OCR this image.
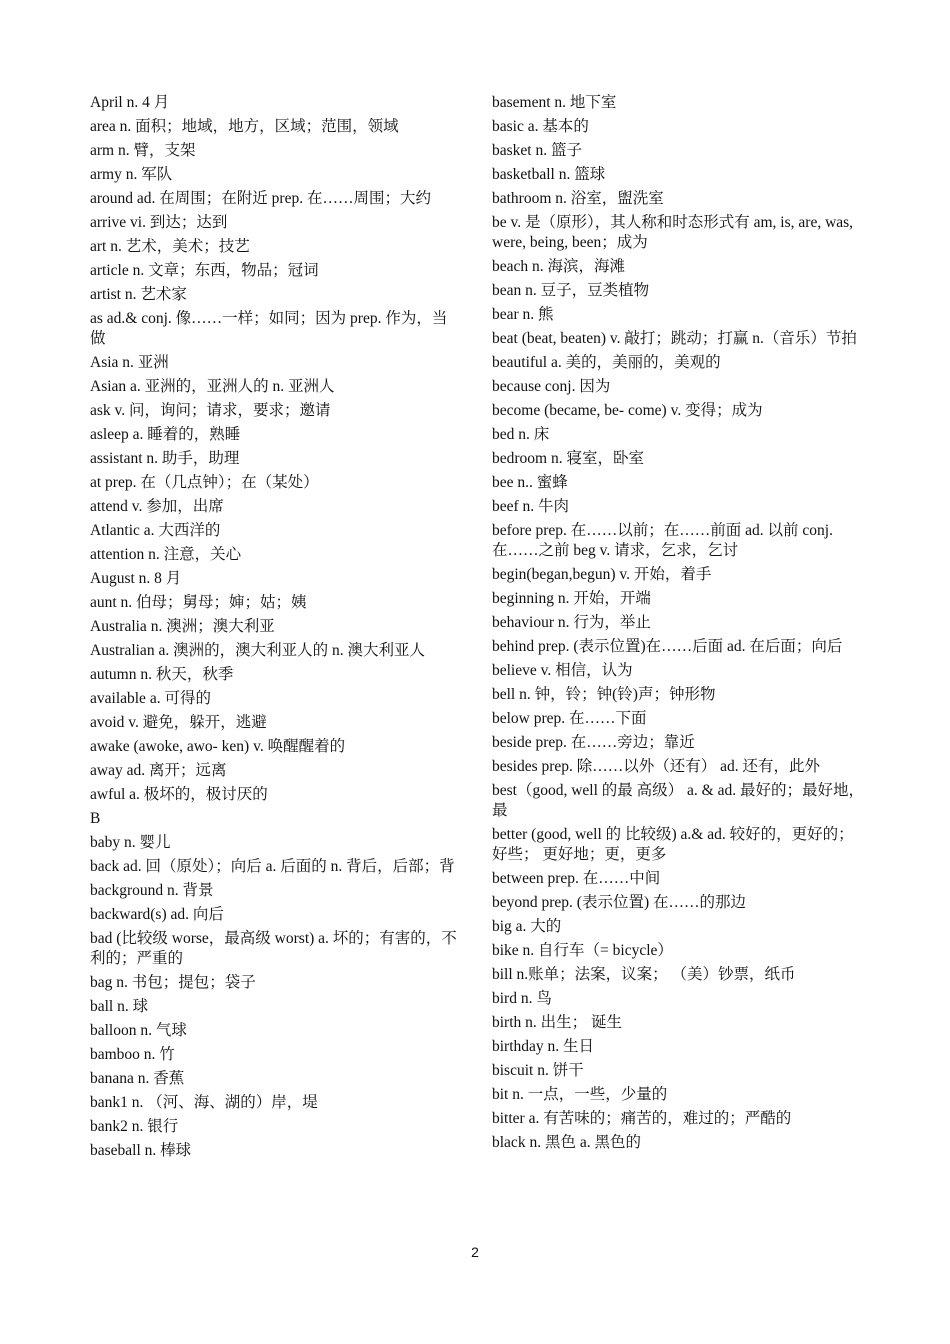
April n. 4 月
area n. 面积；地域，地方，区域；范围，领域
arm n. 臂，支架
army n. 军队
around ad. 在周围；在附近 prep. 在……周围；大约
arrive vi. 到达；达到
art n. 艺术，美术；技艺
article n. 文章；东西，物品；冠词
artist n. 艺术家
as ad.& conj. 像……一样；如同；因为 prep. 作为，当做
Asia n. 亚洲
Asian a. 亚洲的，亚洲人的 n. 亚洲人
ask v. 问，询问；请求，要求；邀请
asleep a. 睡着的，熟睡
assistant n. 助手，助理
at prep. 在（几点钟）；在（某处）
attend v. 参加，出席
Atlantic a. 大西洋的
attention n. 注意，关心
August n. 8 月
aunt n. 伯母；舅母；婶；姑；姨
Australia n. 澳洲；澳大利亚
Australian a. 澳洲的，澳大利亚人的 n. 澳大利亚人
autumn n. 秋天，秋季
available a. 可得的
avoid v. 避免，躲开，逃避
awake (awoke, awo- ken) v. 唤醒醒着的
away ad. 离开；远离
awful a. 极坏的，极讨厌的
B
baby n. 婴儿
back ad. 回（原处）；向后 a. 后面的 n. 背后，后部；背
background n. 背景
backward(s) ad. 向后
bad (比较级 worse，最高级 worst) a. 坏的；有害的，不利的；严重的
bag n. 书包；提包；袋子
ball n. 球
balloon n. 气球
bamboo n. 竹
banana n. 香蕉
bank1 n. （河、海、湖的）岸，堤
bank2 n. 银行
baseball n. 棒球
basement n. 地下室
basic a. 基本的
basket n. 篮子
basketball n. 篮球
bathroom n. 浴室，盥洗室
be v. 是（原形），其人称和时态形式有 am, is, are, was, were, being, been；成为
beach n. 海滨，海滩
bean n. 豆子，豆类植物
bear n. 熊
beat (beat, beaten) v. 敲打；跳动；打赢 n.（音乐）节拍
beautiful a. 美的，美丽的，美观的
because conj. 因为
become (became, be- come) v. 变得；成为
bed n. 床
bedroom n. 寝室，卧室
bee n.. 蜜蜂
beef n. 牛肉
before prep. 在……以前；在……前面 ad. 以前 conj. 在……之前 beg v. 请求，乞求，乞讨
begin(began,begun) v. 开始，着手
beginning n. 开始，开端
behaviour n. 行为，举止
behind prep. (表示位置)在……后面 ad. 在后面；向后
believe v. 相信，认为
bell n. 钟，铃；钟(铃)声；钟形物
below prep. 在……下面
beside prep. 在……旁边；靠近
besides prep. 除……以外（还有） ad. 还有，此外
best（good, well 的最 高级） a. & ad. 最好的；最好地，最
better (good, well 的 比较级) a.& ad. 较好的，更好的；好些； 更好地；更，更多
between prep. 在……中间
beyond prep. (表示位置) 在……的那边
big a. 大的
bike n. 自行车（= bicycle）
bill n.账单；法案，议案； （美）钞票，纸币
bird n. 鸟
birth n. 出生； 诞生
birthday n. 生日
biscuit n. 饼干
bit n. 一点，一些，少量的
bitter a. 有苦味的；痛苦的，难过的；严酷的
black n. 黑色 a. 黑色的
2
